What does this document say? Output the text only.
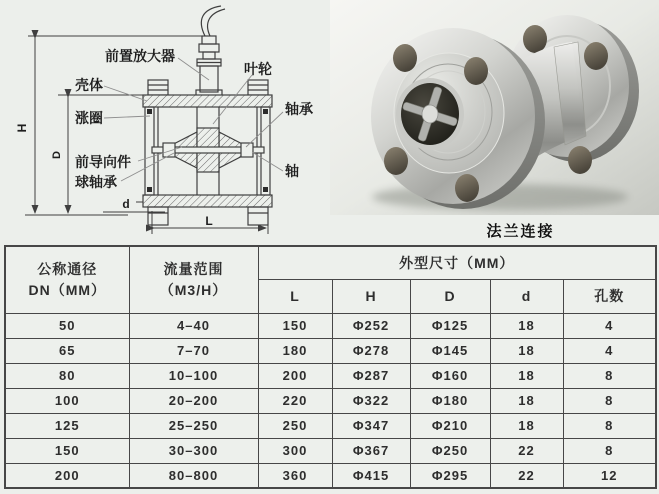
前置放大器
叶轮
壳体
轴承
涨圈
前导向件
球轴承
轴
H
D
d
L
法兰连接
公称通径
DN（MM）

流量范围
（M3/H）
	外型尺寸（MM）
		L	H	D	d	孔数
50	4–40	150	Φ252	Φ125	18	4
65	7–70	180	Φ278	Φ145	18	4
80	10–100	200	Φ287	Φ160	18	8
100	20–200	220	Φ322	Φ180	18	8
125	25–250	250	Φ347	Φ210	18	8
150	30–300	300	Φ367	Φ250	22	8
200	80–800	360	Φ415	Φ295	22	12
